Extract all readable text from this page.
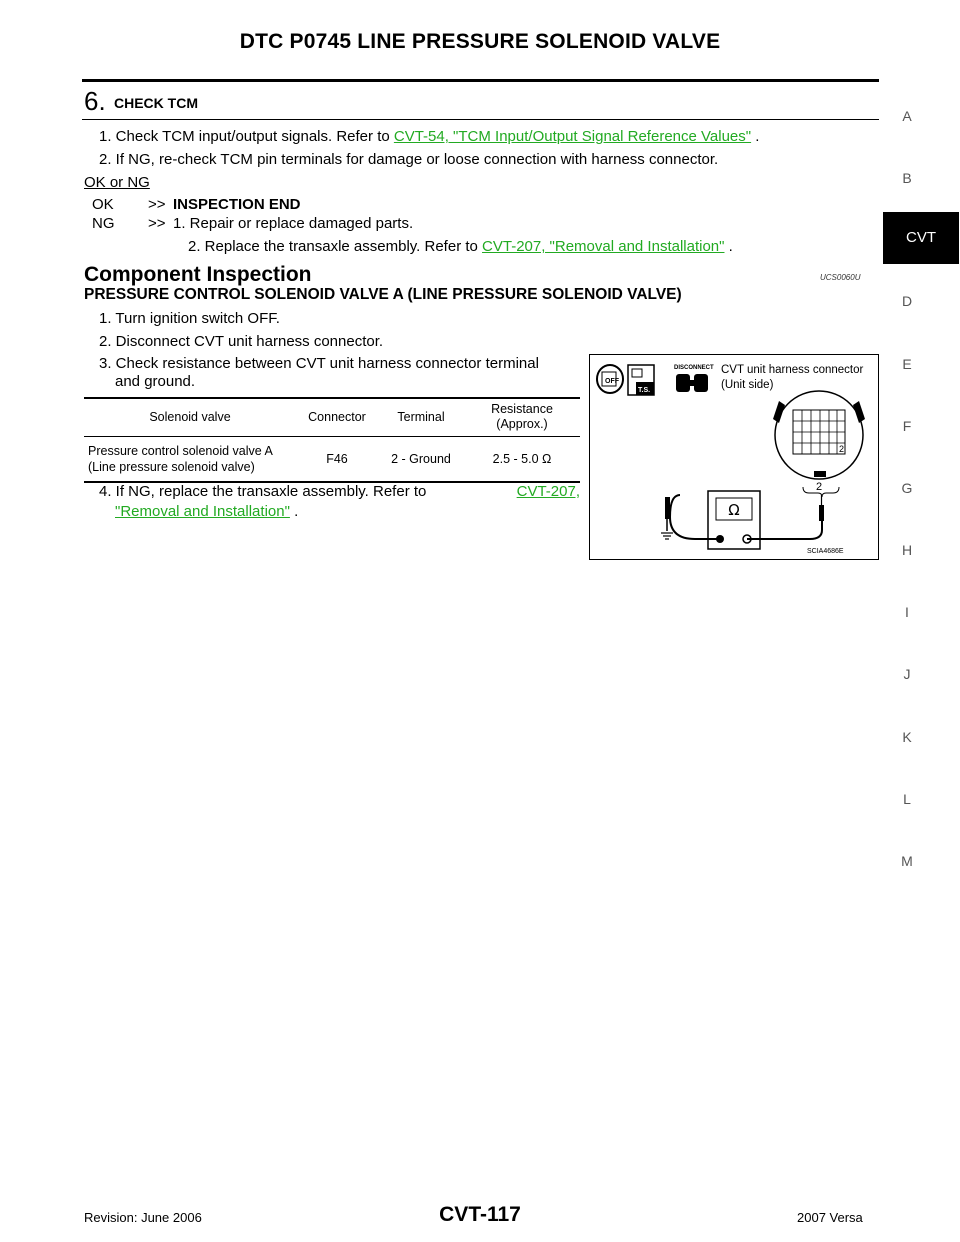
DTC P0745 LINE PRESSURE SOLENOID VALVE
6. CHECK TCM
1. Check TCM input/output signals. Refer to CVT-54, "TCM Input/Output Signal Reference Values" .
2. If NG, re-check TCM pin terminals for damage or loose connection with harness connector.
OK or NG
OK >> INSPECTION END
NG >> 1. Repair or replace damaged parts.
2. Replace the transaxle assembly. Refer to CVT-207, "Removal and Installation" .
Component Inspection	UCS0060U
PRESSURE CONTROL SOLENOID VALVE A (LINE PRESSURE SOLENOID VALVE)
1. Turn ignition switch OFF.
2. Disconnect CVT unit harness connector.
3. Check resistance between CVT unit harness connector terminal
and ground.
Solenoid valve	Connector	Terminal	Resistance
(Approx.)

Pressure control solenoid valve A
(Line pressure solenoid valve)	F46	2 - Ground	2.5 - 5.0 Ω
4. If NG, replace the transaxle assembly. Refer to	CVT-207,
"Removal and Installation" .
OFF
T.S.
DISCONNECT CVT unit harness connector
(Unit side)
2
2
Ω
SCIA4686E
A
B
CVT
D
E
F
G
H
I
J
K
L
M
Revision: June 2006	CVT-117	2007 Versa
